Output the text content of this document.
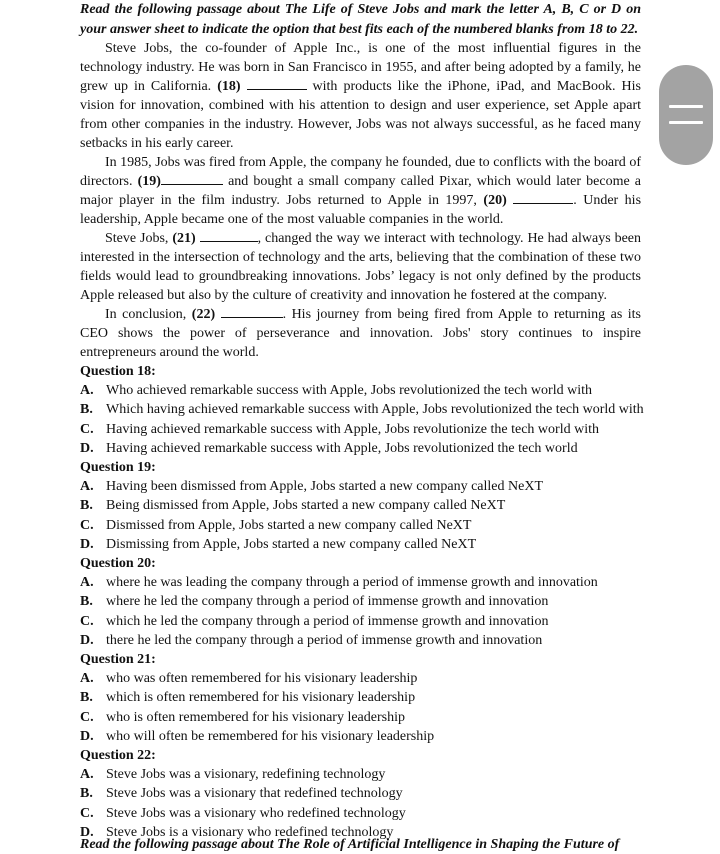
Read the following passage about The Life of Steve Jobs and mark the letter A, B, C or D on your answer sheet to indicate the option that best fits each of the numbered blanks from 18 to 22.

Steve Jobs, the co-founder of Apple Inc., is one of the most influential figures in the technology industry. He was born in San Francisco in 1955, and after being adopted by a family, he grew up in California. (18)	with products like the iPhone, iPad, and MacBook. His vision for innovation, combined with his attention to design and user experience, set Apple apart from other companies in the industry. However, Jobs was not always successful, as he faced many setbacks in his early career.

In 1985, Jobs was fired from Apple, the company he founded, due to conflicts with the board of directors. (19)	and bought a small company called Pixar, which would later become a major player in the film industry. Jobs returned to Apple in 1997, (20)	. Under his leadership, Apple became one of the most valuable companies in the world.

Steve Jobs, (21)	, changed the way we interact with technology. He had always been interested in the intersection of technology and the arts, believing that the combination of these two fields would lead to groundbreaking innovations. Jobs’ legacy is not only defined by the products Apple released but also by the culture of creativity and innovation he fostered at the company.

In conclusion, (22)	. His journey from being fired from Apple to returning as its CEO shows the power of perseverance and innovation. Jobs' story continues to inspire entrepreneurs around the world.

Question 18:

A. Who achieved remarkable success with Apple, Jobs revolutionized the tech world with

B. Which having achieved remarkable success with Apple, Jobs revolutionized the tech world with

C. Having achieved remarkable success with Apple, Jobs revolutionize the tech world with

D. Having achieved remarkable success with Apple, Jobs revolutionized the tech world

Question 19:

A. Having been dismissed from Apple, Jobs started a new company called NeXT

B. Being dismissed from Apple, Jobs started a new company called NeXT

C. Dismissed from Apple, Jobs started a new company called NeXT

D. Dismissing from Apple, Jobs started a new company called NeXT

Question 20:

A. where he was leading the company through a period of immense growth and innovation

B. where he led the company through a period of immense growth and innovation

C. which he led the company through a period of immense growth and innovation

D. there he led the company through a period of immense growth and innovation

Question 21:

A. who was often remembered for his visionary leadership

B. which is often remembered for his visionary leadership

C. who is often remembered for his visionary leadership

D. who will often be remembered for his visionary leadership

Question 22:

A. Steve Jobs was a visionary, redefining technology

B. Steve Jobs was a visionary that redefined technology

C. Steve Jobs was a visionary who redefined technology

D. Steve Jobs is a visionary who redefined technology

Read the following passage about The Role of Artificial Intelligence in Shaping the Future of
